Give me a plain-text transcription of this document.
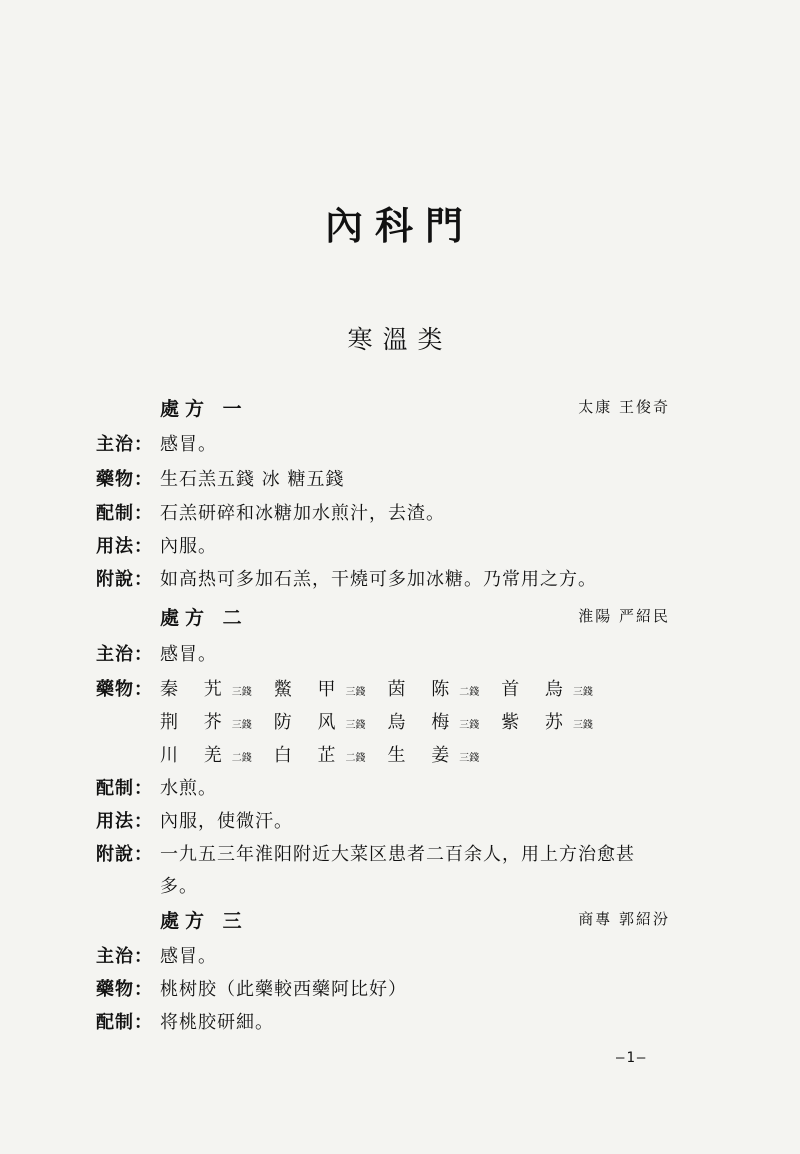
內科門
寒溫类
處方 一	太康 王俊奇
主治： 感冒。
藥物： 生石羔五錢 冰 糖五錢
配制： 石羔研碎和冰糖加水煎汁，去渣。
用法： 內服。
附說： 如高热可多加石羔，干燒可多加冰糖。乃常用之方。
處方 二	淮陽 严紹民
主治： 感冒。
藥物： 秦 艽三錢 鱉 甲三錢 茵 陈二錢 首 烏三錢
荆 芥三錢 防 风三錢 烏 梅三錢 紫 苏三錢
川 羌二錢 白 芷二錢 生 姜三錢
配制： 水煎。
用法： 內服，使微汗。
附說： 一九五三年淮阳附近大菜区患者二百余人，用上方治愈甚
多。
處方 三	商專 郭紹汾
主治： 感冒。
藥物： 桃树胶（此藥較西藥阿比好）
配制： 将桃胶研細。
—1—
